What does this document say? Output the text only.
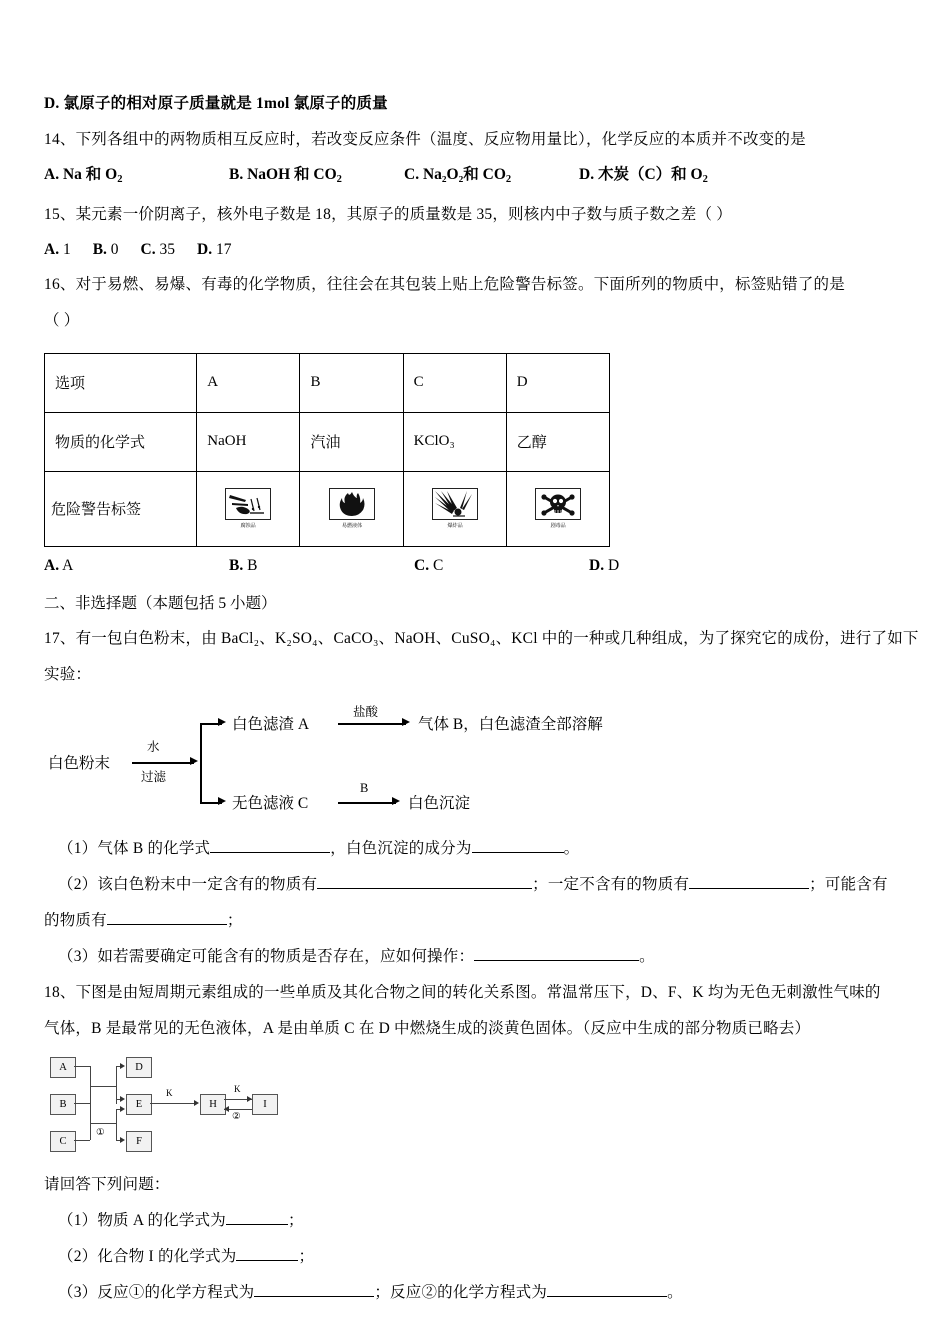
D. 氯原子的相对原子质量就是 1mol 氯原子的质量
14、下列各组中的两物质相互反应时，若改变反应条件（温度、反应物用量比），化学反应的本质并不改变的是
A. Na 和 $O_2$	B. NaOH 和 $CO_2$	C. Na₂O₂和 $CO_2$	D. 木炭（C）和 $O_2$
15、某元素一价阴离子，核外电子数是 18，其原子的质量数是 35，则核内中子数与质子数之差（ ）
A. 1 B. 0 C. 35 D. 17
16、对于易燃、易爆、有毒的化学物质，往往会在其包装上贴上危险警告标签。下面所列的物质中，标签贴错了的是
（ ）
选项	A	B	C	D
物质的化学式	NaOH	汽油	KClO₃	乙醇
危险警告标签	腐蚀品	易燃液体	爆炸品	剧毒品
A. A	B. B	C. C	D. D
二、非选择题（本题包括 5 小题）
17、有一包白色粉末，由 BaCl₂、K₂SO₄、CaCO₃、NaOH、CuSO₄、KCl 中的一种或几种组成，为了探究它的成份，进行了如下
实验：
白色粉末
水
过滤
白色滤渣 A
盐酸
气体 B，白色滤渣全部溶解
无色滤液 C
B
白色沉淀
（1）气体 B 的化学式	，白色沉淀的成分为	。
（2）该白色粉末中一定含有的物质有	；一定不含有的物质有	；可能含有
的物质有	；
（3）如若需要确定可能含有的物质是否存在，应如何操作：	。
18、下图是由短周期元素组成的一些单质及其化合物之间的转化关系图。常温常压下，D、F、K 均为无色无刺激性气味的
气体，B 是最常见的无色液体，A 是由单质 C 在 D 中燃烧生成的淡黄色固体。（反应中生成的部分物质已略去）
A
B
C
D
E
F
H	I
①
K	K
②
请回答下列问题：
（1）物质 A 的化学式为	；
（2）化合物 I 的化学式为	；
（3）反应①的化学方程式为	；反应②的化学方程式为	。
